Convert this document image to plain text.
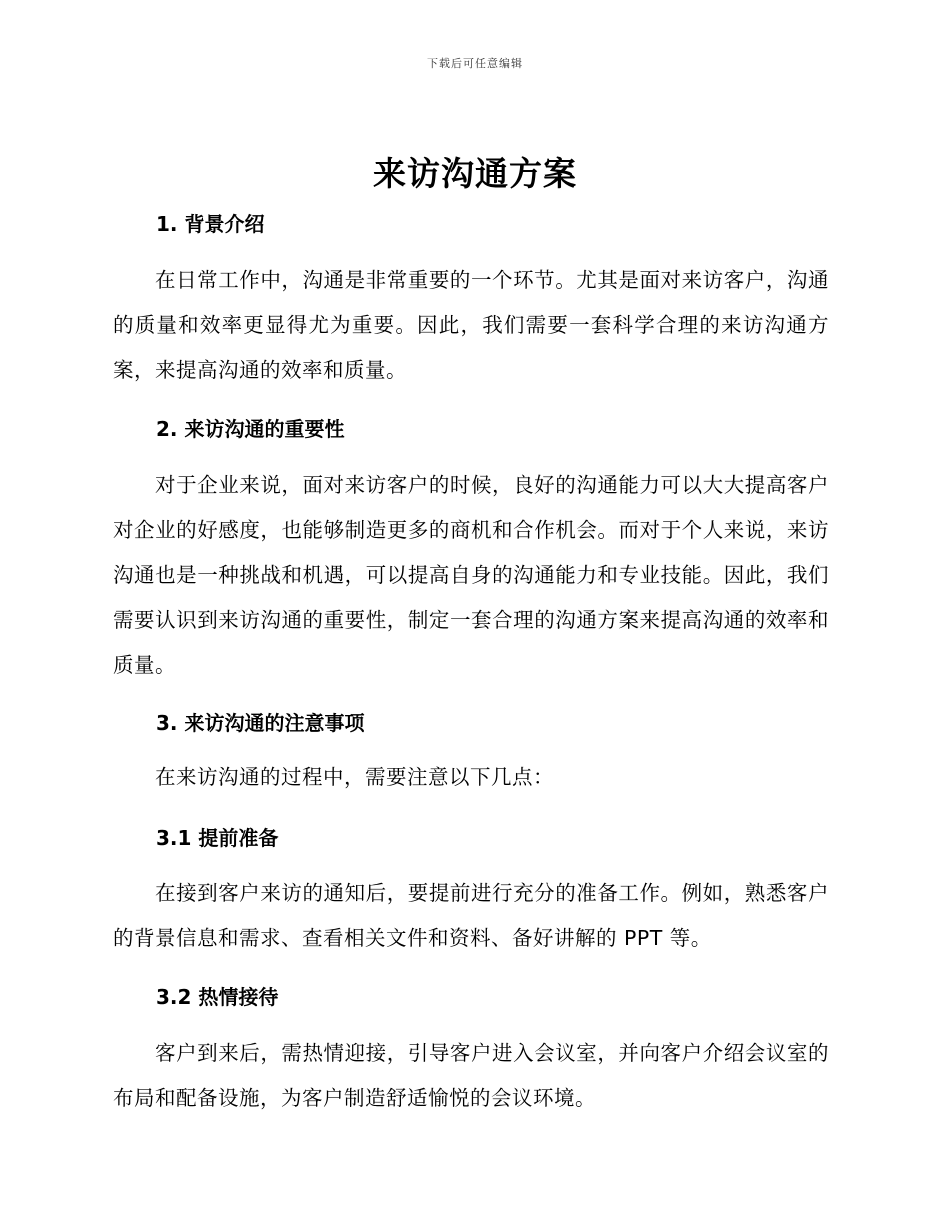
下载后可任意编辑
来访沟通方案
1. 背景介绍

在日常工作中，沟通是非常重要的一个环节。尤其是面对来访客户，沟通的质量和效率更显得尤为重要。因此，我们需要一套科学合理的来访沟通方案，来提高沟通的效率和质量。

2. 来访沟通的重要性

对于企业来说，面对来访客户的时候，良好的沟通能力可以大大提高客户对企业的好感度，也能够制造更多的商机和合作机会。而对于个人来说，来访沟通也是一种挑战和机遇，可以提高自身的沟通能力和专业技能。因此，我们需要认识到来访沟通的重要性，制定一套合理的沟通方案来提高沟通的效率和质量。

3. 来访沟通的注意事项

在来访沟通的过程中，需要注意以下几点：

3.1 提前准备

在接到客户来访的通知后，要提前进行充分的准备工作。例如，熟悉客户的背景信息和需求、查看相关文件和资料、备好讲解的 PPT 等。

3.2 热情接待

客户到来后，需热情迎接，引导客户进入会议室，并向客户介绍会议室的布局和配备设施，为客户制造舒适愉悦的会议环境。
